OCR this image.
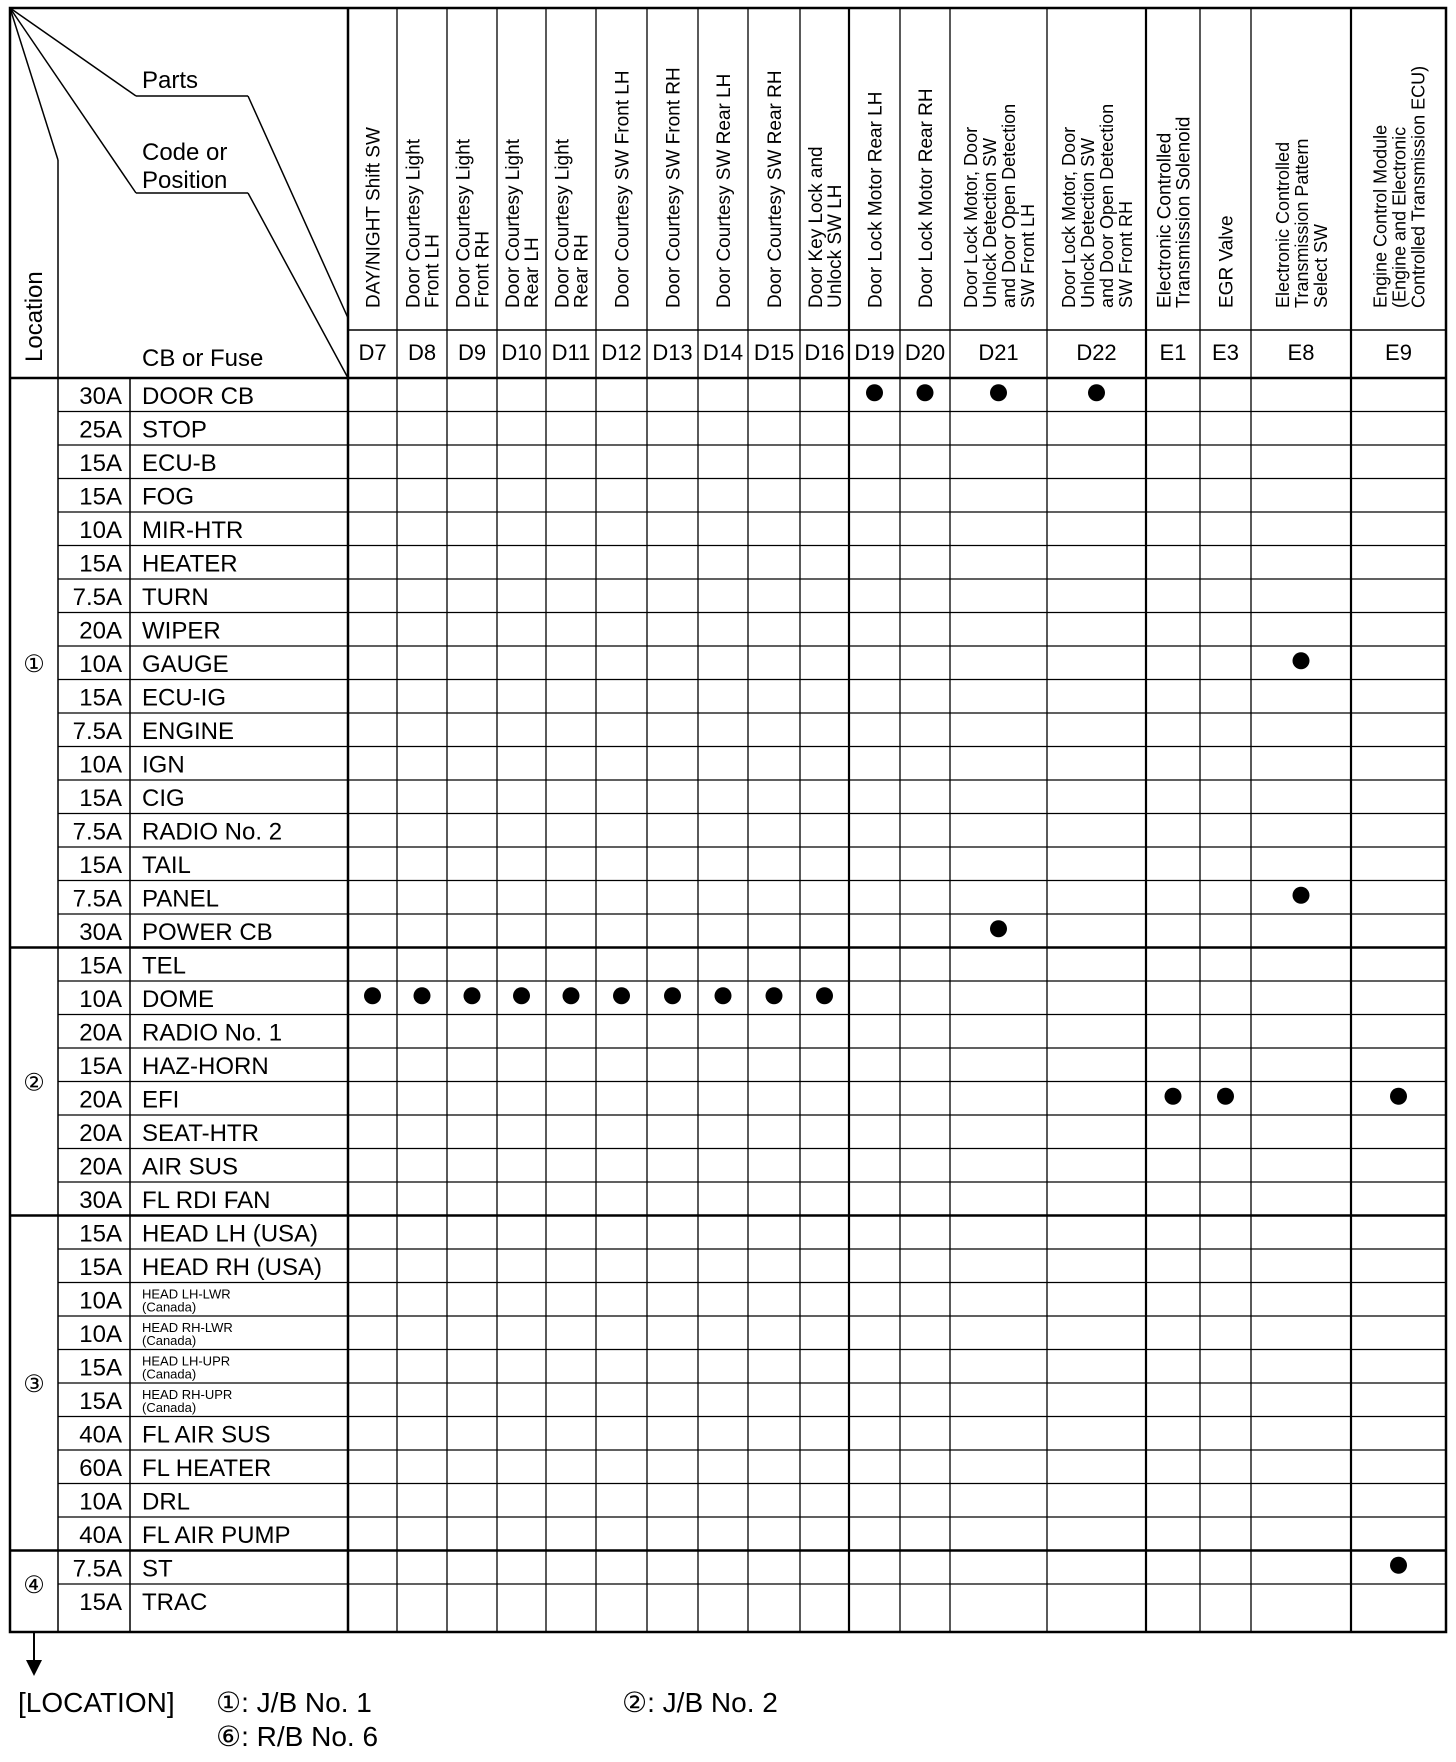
Parts
Code or
Position
CB or Fuse
Location
DAY/NIGHT Shift SW
D7
Door Courtesy Light
Front LH
D8
Door Courtesy Light
Front RH
D9
Door Courtesy Light
Rear LH
D10
Door Courtesy Light
Rear RH
D11
Door Courtesy SW Front LH
D12
Door Courtesy SW Front RH
D13
Door Courtesy SW Rear LH
D14
Door Courtesy SW Rear RH
D15
Door Key Lock and
Unlock SW LH
D16
Door Lock Motor Rear LH
D19
Door Lock Motor Rear RH
D20
Door Lock Motor, Door Unlock Detection SW and Door Open Detection SW Front LH
D21
Door Lock Motor, Door Unlock Detection SW and Door Open Detection SW Front RH
D22
Electronic Controlled
Transmission Solenoid
E1
EGR Valve
E3
Electronic Controlled Transmission Pattern Select SW
E8
Engine Control Module (Engine and Electronic Controlled Transmission ECU)
E9
30A DOOR CB
25A STOP
15A ECU-B
15A FOG
10A MIR-HTR
15A HEATER
7.5A TURN
20A WIPER
10A GAUGE
15A ECU-IG
7.5A ENGINE
10A IGN
15A CIG
7.5A RADIO No. 2
15A TAIL
7.5A PANEL
30A POWER CB
①
15A TEL
10A DOME
20A RADIO No. 1
15A HAZ-HORN
20A EFI
20A SEAT-HTR
20A AIR SUS
30A FL RDI FAN
②
15A HEAD LH (USA)
15A HEAD RH (USA)
10A HEAD LH-LWR
(Canada)
10A HEAD RH-LWR
(Canada)
15A HEAD LH-UPR
(Canada)
15A HEAD RH-UPR
(Canada)
40A FL AIR SUS
60A FL HEATER
10A DRL
40A FL AIR PUMP
③
7.5A ST
15A TRAC
④
[LOCATION] ①: J/B No. 1	②: J/B No. 2
⑥: R/B No. 6
